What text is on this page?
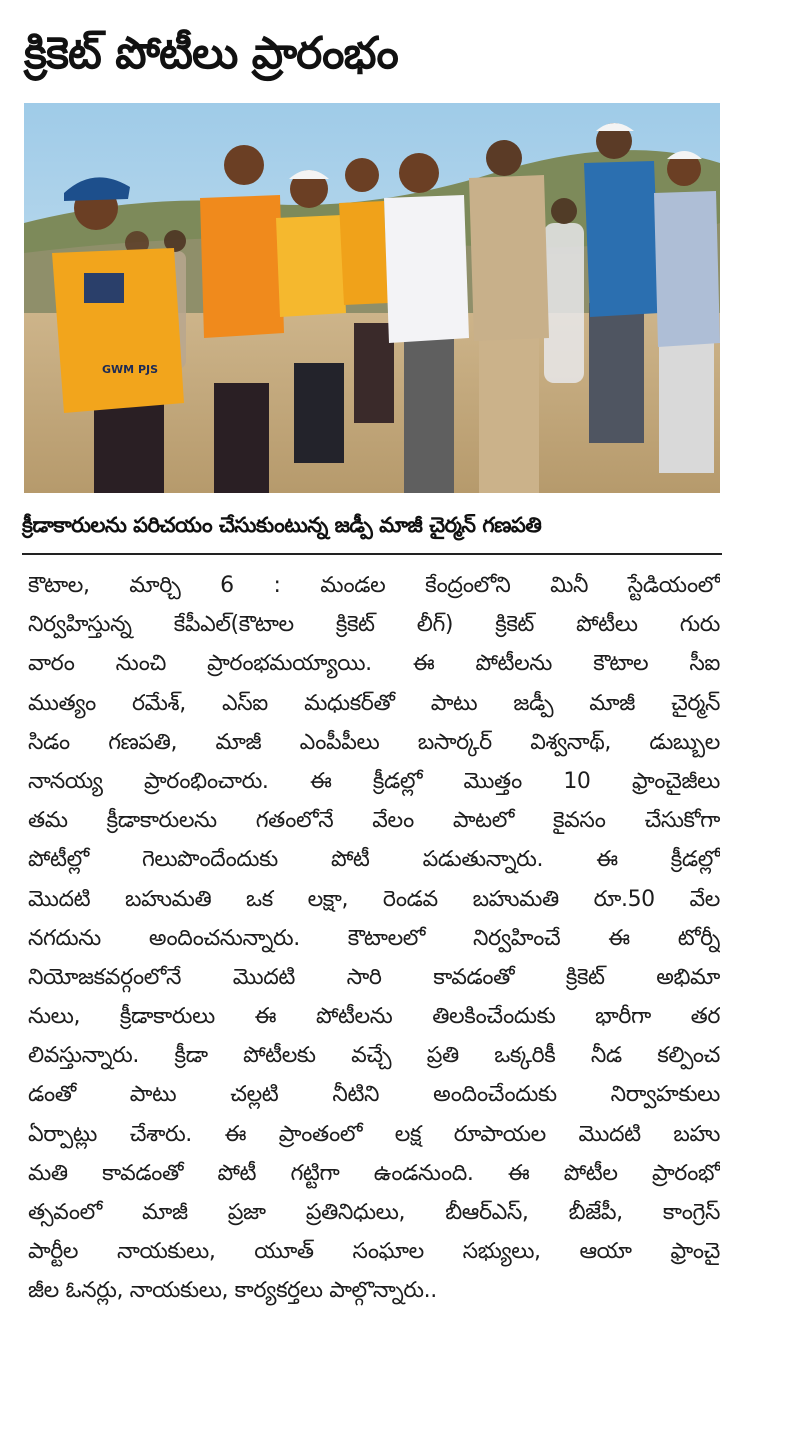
క్రికెట్ పోటీలు ప్రారంభం
GWM PJS
క్రీడాకారులను పరిచయం చేసుకుంటున్న జడ్పీ మాజీ చైర్మన్ గణపతి
కౌటాల, మార్చి 6 : మండల కేంద్రంలోని మినీ స్టేడియంలో
నిర్వహిస్తున్న కేపీఎల్(కౌటాల క్రికెట్ లీగ్) క్రికెట్ పోటీలు గురు
వారం నుంచి ప్రారంభమయ్యాయి. ఈ పోటీలను కౌటాల సీఐ
ముత్యం రమేశ్, ఎస్ఐ మధుకర్‌తో పాటు జడ్పీ మాజీ చైర్మన్
సిడం గణపతి, మాజీ ఎంపీపీలు బసార్కర్ విశ్వనాథ్, డుబ్బుల
నానయ్య ప్రారంభించారు. ఈ క్రీడల్లో మొత్తం 10 ఫ్రాంచైజీలు
తమ క్రీడాకారులను గతంలోనే వేలం పాటలో కైవసం చేసుకోగా
పోటీల్లో గెలుపొందేందుకు పోటీ పడుతున్నారు. ఈ క్రీడల్లో
మొదటి బహుమతి ఒక లక్షా, రెండవ బహుమతి రూ.50 వేల
నగదును అందించనున్నారు. కౌటాలలో నిర్వహించే ఈ టోర్నీ
నియోజకవర్గంలోనే మొదటి సారి కావడంతో క్రికెట్ అభిమా
నులు, క్రీడాకారులు ఈ పోటీలను తిలకించేందుకు భారీగా తర
లివస్తున్నారు. క్రీడా పోటీలకు వచ్చే ప్రతి ఒక్కరికీ నీడ కల్పించ
డంతో పాటు చల్లటి నీటిని అందించేందుకు నిర్వాహకులు
ఏర్పాట్లు చేశారు. ఈ ప్రాంతంలో లక్ష రూపాయల మొదటి బహు
మతి కావడంతో పోటీ గట్టిగా ఉండనుంది. ఈ పోటీల ప్రారంభో
త్సవంలో మాజీ ప్రజా ప్రతినిధులు, బీఆర్ఎస్, బీజేపీ, కాంగ్రెస్
పార్టీల నాయకులు, యూత్ సంఘాల సభ్యులు, ఆయా ఫ్రాంచై
జీల ఓనర్లు, నాయకులు, కార్యకర్తలు పాల్గొన్నారు..
